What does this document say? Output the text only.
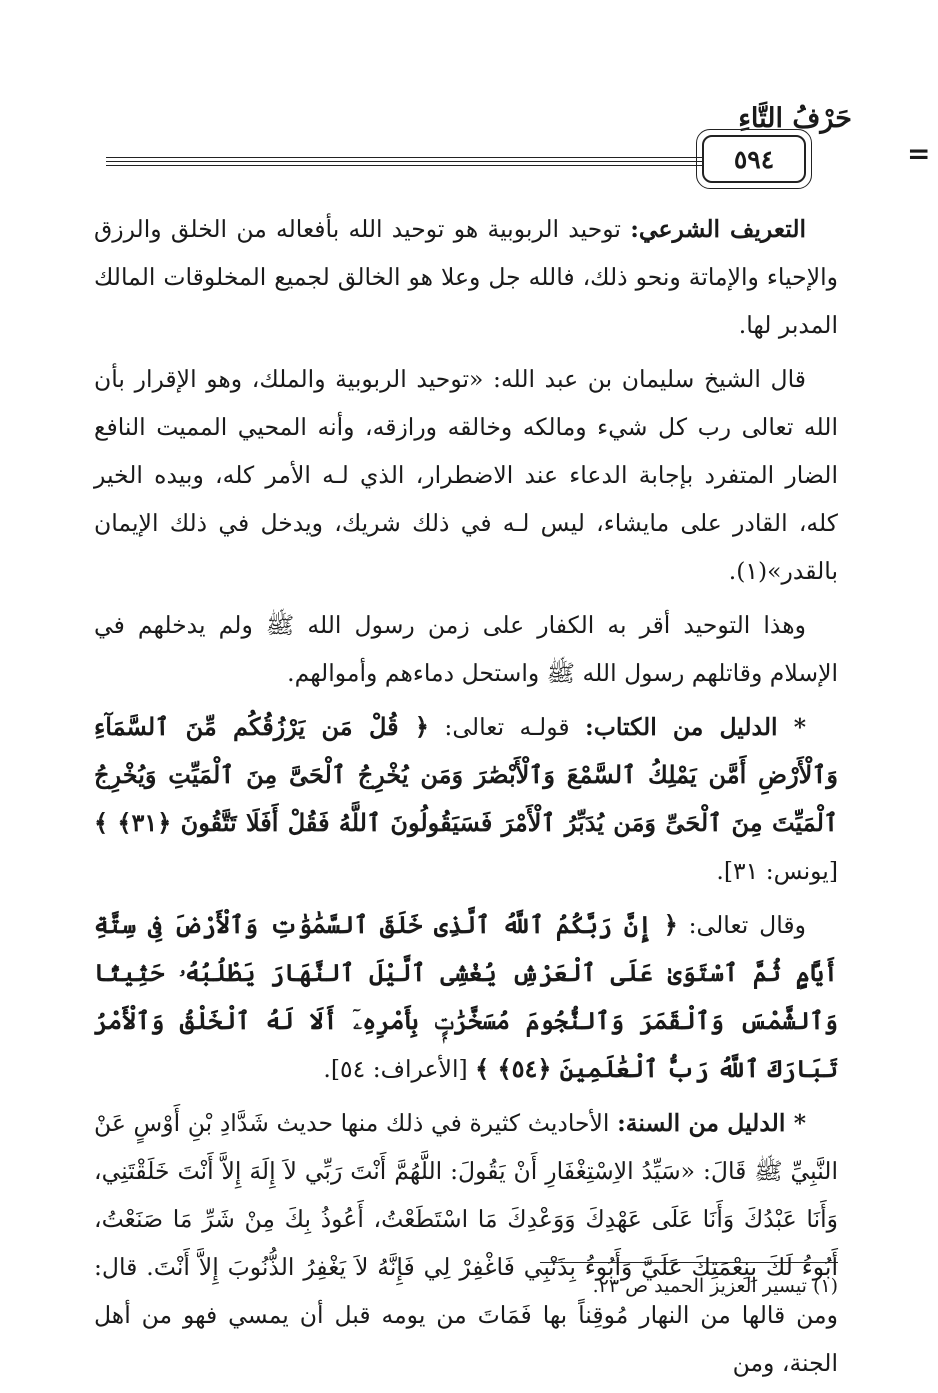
حَرْفُ التَّاءِ
٥٩٤	=

التعريف الشرعي: توحيد الربوبية هو توحيد الله بأفعاله من الخلق والرزق والإحياء والإماتة ونحو ذلك، فالله جل وعلا هو الخالق لجميع المخلوقات المالك المدبر لها.

قال الشيخ سليمان بن عبد الله: «توحيد الربوبية والملك، وهو الإقرار بأن الله تعالى رب كل شيء ومالكه وخالقه ورازقه، وأنه المحيي المميت النافع الضار المتفرد بإجابة الدعاء عند الاضطرار، الذي لـه الأمر كله، وبيده الخير كله، القادر على مايشاء، ليس لـه في ذلك شريك، ويدخل في ذلك الإيمان بالقدر»(١).

وهذا التوحيد أقر به الكفار على زمن رسول الله ﷺ ولم يدخلهم في الإسلام وقاتلهم رسول الله ﷺ واستحل دماءهم وأموالهم.

* الدليل من الكتاب: قولـه تعالى: ﴿ قُلْ مَن يَرْزُقُكُم مِّنَ ٱلسَّمَآءِ وَٱلْأَرْضِ أَمَّن يَمْلِكُ ٱلسَّمْعَ وَٱلْأَبْصَٰرَ وَمَن يُخْرِجُ ٱلْحَىَّ مِنَ ٱلْمَيِّتِ وَيُخْرِجُ ٱلْمَيِّتَ مِنَ ٱلْحَىِّ وَمَن يُدَبِّرُ ٱلْأَمْرَ فَسَيَقُولُونَ ٱللَّهُ فَقُلْ أَفَلَا تَتَّقُونَ ﴿٣١﴾ ﴾ [يونس: ٣١].

وقال تعالى: ﴿ إِنَّ رَبَّكُمُ ٱللَّهُ ٱلَّذِى خَلَقَ ٱلسَّمَٰوَٰتِ وَٱلْأَرْضَ فِى سِتَّةِ أَيَّامٍ ثُمَّ ٱسْتَوَىٰ عَلَى ٱلْعَرْشِ يُغْشِى ٱلَّيْلَ ٱلنَّهَارَ يَطْلُبُهُۥ حَثِيثًا وَٱلشَّمْسَ وَٱلْقَمَرَ وَٱلنُّجُومَ مُسَخَّرَٰتٍۭ بِأَمْرِهِۦٓ أَلَا لَهُ ٱلْخَلْقُ وَٱلْأَمْرُ تَبَارَكَ ٱللَّهُ رَبُّ ٱلْعَٰلَمِينَ ﴿٥٤﴾ ﴾ [الأعراف: ٥٤].

* الدليل من السنة: الأحاديث كثيرة في ذلك منها حديث شَدَّادِ بْنِ أَوْسٍ عَنْ النَّبِيِّ ﷺ قَالَ: «سَيِّدُ الاِسْتِغْفَارِ أَنْ يَقُولَ: اللَّهُمَّ أَنْتَ رَبِّي لاَ إِلَهَ إِلاَّ أَنْتَ خَلَقْتَنِي، وَأَنَا عَبْدُكَ وَأَنَا عَلَى عَهْدِكَ وَوَعْدِكَ مَا اسْتَطَعْتُ، أَعُوذُ بِكَ مِنْ شَرِّ مَا صَنَعْتُ، أَبُوءُ لَكَ بِنِعْمَتِكَ عَلَيَّ وَأَبُوءُ بِذَنْبِي فَاغْفِرْ لِي فَإِنَّهُ لاَ يَغْفِرُ الذُّنُوبَ إِلاَّ أَنْتَ. قال: ومن قالها من النهار مُوقِناً بها فَمَاتَ من يومه قبل أن يمسي فهو من أهل الجنة، ومن

(١) تيسير العزيز الحميد ص ٢٣.
